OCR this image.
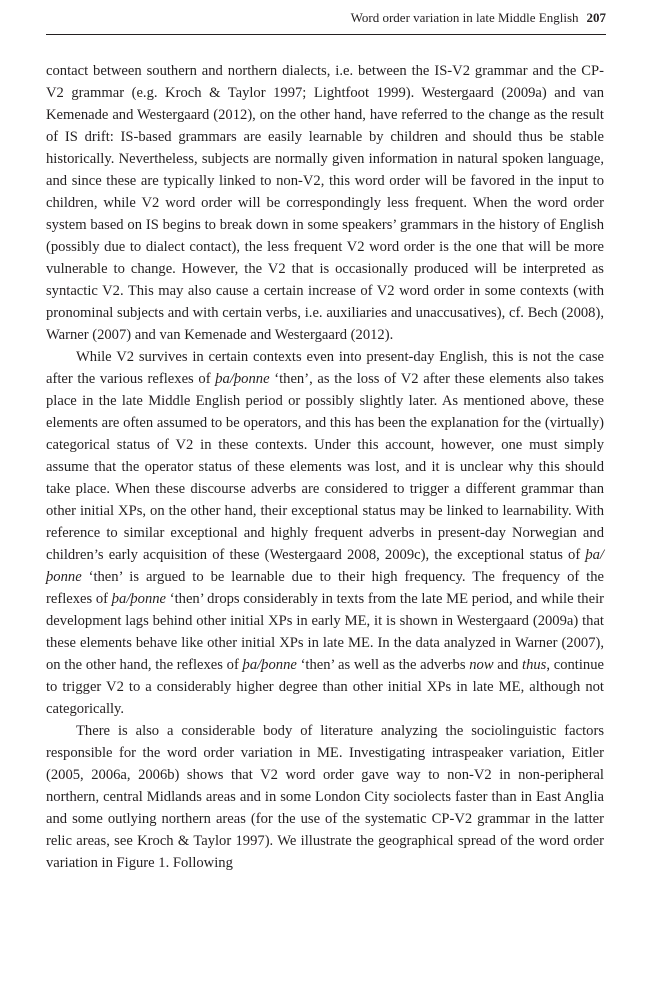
Word order variation in late Middle English 207

contact between southern and northern dialects, i.e. between the IS-V2 grammar and the CP-V2 grammar (e.g. Kroch & Taylor 1997; Lightfoot 1999). Westergaard (2009a) and van Kemenade and Westergaard (2012), on the other hand, have referred to the change as the result of IS drift: IS-based grammars are easily learnable by children and should thus be stable historically. Nevertheless, subjects are normally given information in natural spoken language, and since these are typically linked to non-V2, this word order will be favored in the input to children, while V2 word order will be correspondingly less frequent. When the word order system based on IS begins to break down in some speakers’ grammars in the history of English (possibly due to dialect contact), the less frequent V2 word order is the one that will be more vulnerable to change. However, the V2 that is occasionally produced will be interpreted as syntactic V2. This may also cause a certain increase of V2 word order in some contexts (with pronominal subjects and with certain verbs, i.e. auxiliaries and unaccusatives), cf. Bech (2008), Warner (2007) and van Kemenade and Westergaard (2012).

While V2 survives in certain contexts even into present-day English, this is not the case after the various reflexes of þa/þonne ‘then’, as the loss of V2 after these elements also takes place in the late Middle English period or possibly slightly later. As mentioned above, these elements are often assumed to be operators, and this has been the explanation for the (virtually) categorical status of V2 in these contexts. Under this account, however, one must simply assume that the operator status of these elements was lost, and it is unclear why this should take place. When these discourse adverbs are considered to trigger a different grammar than other initial XPs, on the other hand, their exceptional status may be linked to learnability. With reference to similar exceptional and highly frequent adverbs in present-day Norwegian and children’s early acquisition of these (Westergaard 2008, 2009c), the exceptional status of þa/þonne ‘then’ is argued to be learnable due to their high frequency. The frequency of the reflexes of þa/þonne ‘then’ drops considerably in texts from the late ME period, and while their development lags behind other initial XPs in early ME, it is shown in Westergaard (2009a) that these elements behave like other initial XPs in late ME. In the data analyzed in Warner (2007), on the other hand, the reflexes of þa/þonne ‘then’ as well as the adverbs now and thus, continue to trigger V2 to a considerably higher degree than other initial XPs in late ME, although not categorically.

There is also a considerable body of literature analyzing the sociolinguistic factors responsible for the word order variation in ME. Investigating intraspeaker variation, Eitler (2005, 2006a, 2006b) shows that V2 word order gave way to non-V2 in non-peripheral northern, central Midlands areas and in some London City sociolects faster than in East Anglia and some outlying northern areas (for the use of the systematic CP-V2 grammar in the latter relic areas, see Kroch & Taylor 1997). We illustrate the geographical spread of the word order variation in Figure 1. Following
